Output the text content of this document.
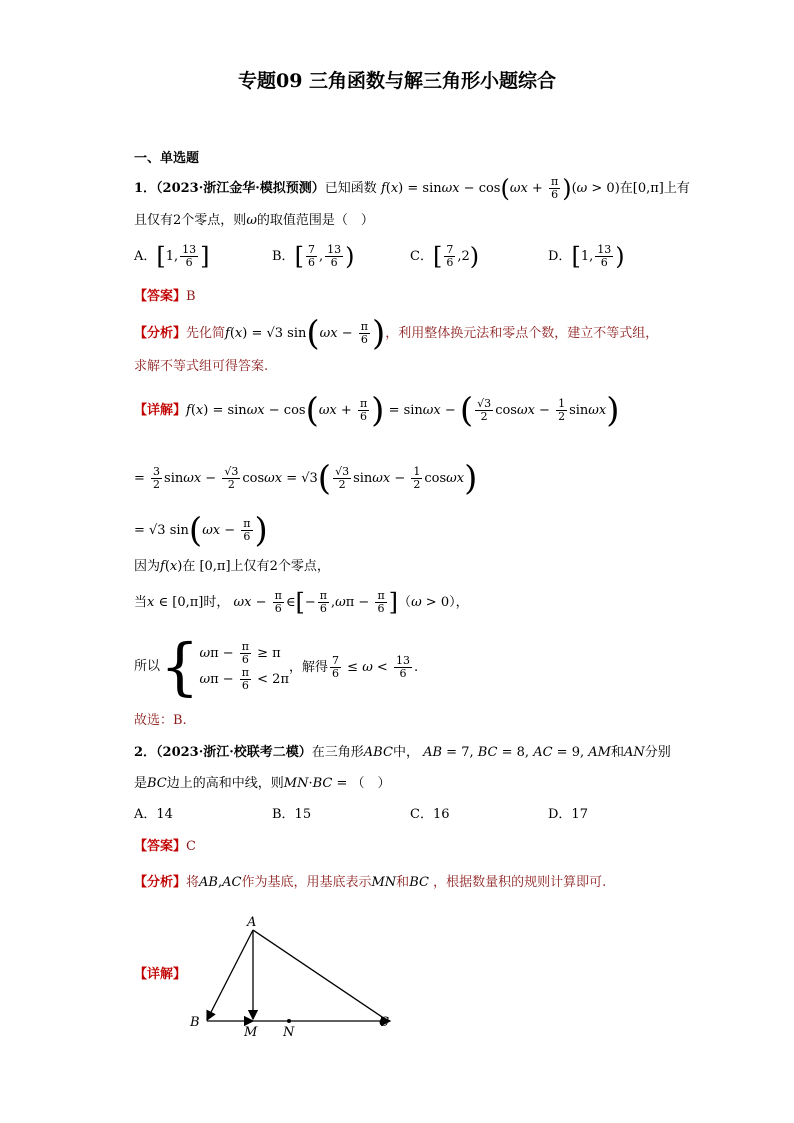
专题09 三角函数与解三角形小题综合
一、单选题
1．（2023·浙江金华·模拟预测）已知函数 $f(x) = \sin\omega x - \cos(\omega x + \frac{\pi}{6} )(\omega > 0)$在[0,π]上有
且仅有2个零点，则ω的取值范围是（　）
A．[1, $\frac{13}{6}$ ]	B．[ $\frac{7}{6}$ , $\frac{13}{6}$ )	C．[ $\frac{7}{6} ,2$)	D．[1, $\frac{13}{6}$ )
【答案】B
【分析】先化简f(x) = √3 $\sin(\omega x - \frac{\pi}{6}$ )，利用整体换元法和零点个数，建立不等式组，
求解不等式组可得答案.
【详解】$f(x) = \sin\omega x - \cos(\omega x + \frac{\pi}{6}$ ) = sinωx − ( $\frac{√3}{2}$ $\cos\omega x - \frac{1}{2} \sin\omega x$)
= $\frac{3}{2}$ $\sin\omega x - \frac{√3}{2}$ $\cos\omega x = √3( \frac{√3}{2}$ $\sin\omega x - \frac{1}{2} \cos\omega x$)
= √3 $\sin(\omega x - \frac{\pi}{6}$ )
因为f(x)在 [0,π]上仅有2个零点，
当x ∈ [0,π]时， $\omega x - \frac{\pi}{6}$ ∈[− $\frac{\pi}{6} ,\omega\pi - \frac{\pi}{6} ](\omega > 0)$，
所以{ $\omega\pi - \frac{\pi}{6} \ge \pi$
$\omega\pi - \frac{\pi}{6} < 2\pi$
，解得 $\frac{7}{6} \le \omega < \frac{13}{6}$ .
故选：B.
2．（2023·浙江·校联考二模）在三角形ABC中， AB = 7, BC = 8, AC = 9, AM和AN分别
是BC边上的高和中线，则MN·BC = （　）
A．14	B．15	C．16	D．17
【答案】C
【分析】将AB,AC作为基底，用基底表示MN和BC ，根据数量积的规则计算即可.
【详解】
A
B	C
M N
